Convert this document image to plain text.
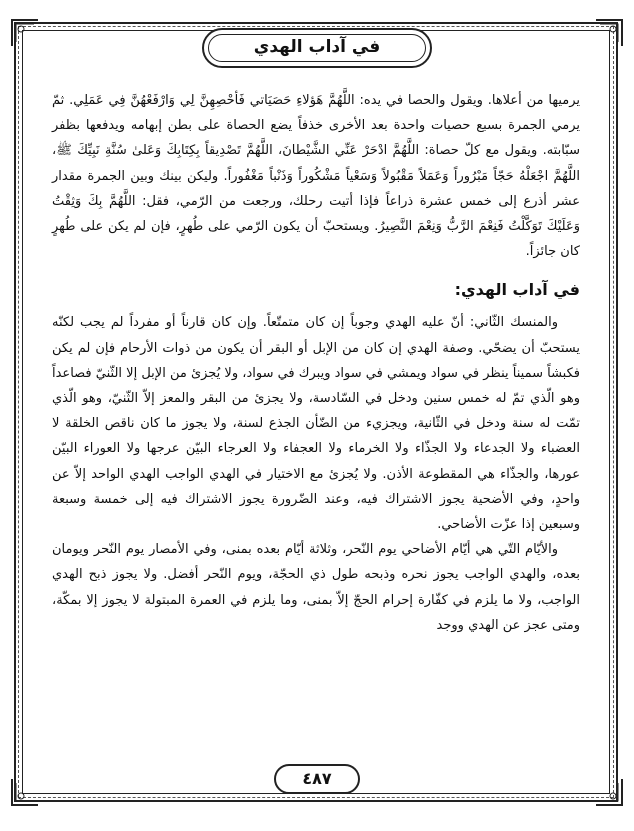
في آداب الهدي

يرميها من أعلاها. ويقول والحصا في يده: اللَّهُمَّ هَؤلاءِ حَصَيَاتي فَأحْصِهِنَّ لِي وَارْفَعْهُنَّ فِي عَمَلِي. ثمّ يرمي الجمرة بسبع حصيات واحدة بعد الأخرى خذفاً يضع الحصاة على بطن إبهامه ويدفعها بظفر سبّابته. ويقول مع كلّ حصاة: اللَّهُمَّ ادْحَرْ عَنِّي الشَّيْطانَ، اللَّهُمَّ تَصْدِيقاً بِكِتَابِكَ وَعَلىٰ سُنَّةِ نَبِيِّكَ ﷺ، اللَّهُمَّ اجْعَلْهُ حَجّاً مَبْرُوراً وَعَمَلاً مَقْبُولاً وَسَعْياً مَشْكُوراً وَذَنْباً مَغْفُوراً. وليكن بينك وبين الجمرة مقدار عشر أذرع إلى خمس عشرة ذراعاً فإذا أتيت رحلك، ورجعت من الرّمي، فقل: اللَّهُمَّ بِكَ وَثِقْتُ وَعَلَيْكَ تَوَكَّلْتُ فَنِعْمَ الرَّبُّ وَنِعْمَ النَّصِيرُ. ويستحبّ أن يكون الرّمي على طُهرٍ، فإن لم يكن على طُهرٍ كان جائزاً.

في آداب الهدي:

والمنسك الثّاني: أنّ عليه الهدي وجوباً إن كان متمتّعاً. وإن كان قارناً أو مفرداً لم يجب لكنّه يستحبّ أن يضحّي. وصفة الهدي إن كان من الإبل أو البقر أن يكون من ذوات الأرحام فإن لم يكن فكبشاً سميناً ينظر في سواد ويمشي في سواد ويبرك في سواد، ولا يُجزئ من الإبل إلا الثّنيّ فصاعداً وهو الّذي تمّ له خمس سنين ودخل في السّادسة، ولا يجزئ من البقر والمعز إلاّ الثّنيّ، وهو الّذي تمّت له سنة ودخل في الثّانية، ويجزيء من الضّأن الجذع لسنة، ولا يجوز ما كان ناقص الخلقة لا العضباء ولا الجدعاء ولا الجذّاء ولا الخرماء ولا العجفاء ولا العرجاء البيّن عرجها ولا العوراء البيّن عورها، والجذّاء هي المقطوعة الأذن. ولا يُجزئ مع الاختيار في الهدي الواجب الهدي الواحد إلاّ عن واحدٍ، وفي الأضحية يجوز الاشتراك فيه، وعند الضّرورة يجوز الاشتراك فيه إلى خمسة وسبعة وسبعين إذا عزّت الأضاحي.

والأيّام التّي هي أيّام الأضاحي يوم النّحر، وثلاثة أيّام بعده بمنى، وفي الأمصار يوم النّحر ويومان بعده، والهدي الواجب يجوز نحره وذبحه طول ذي الحجّة، ويوم النّحر أفضل. ولا يجوز ذبح الهدي الواجب، ولا ما يلزم في كفّارة إحرام الحجّ إلاّ بمنى، وما يلزم في العمرة المبتولة لا يجوز إلا بمكّة، ومتى عجز عن الهدي ووجد

٤٨٧
